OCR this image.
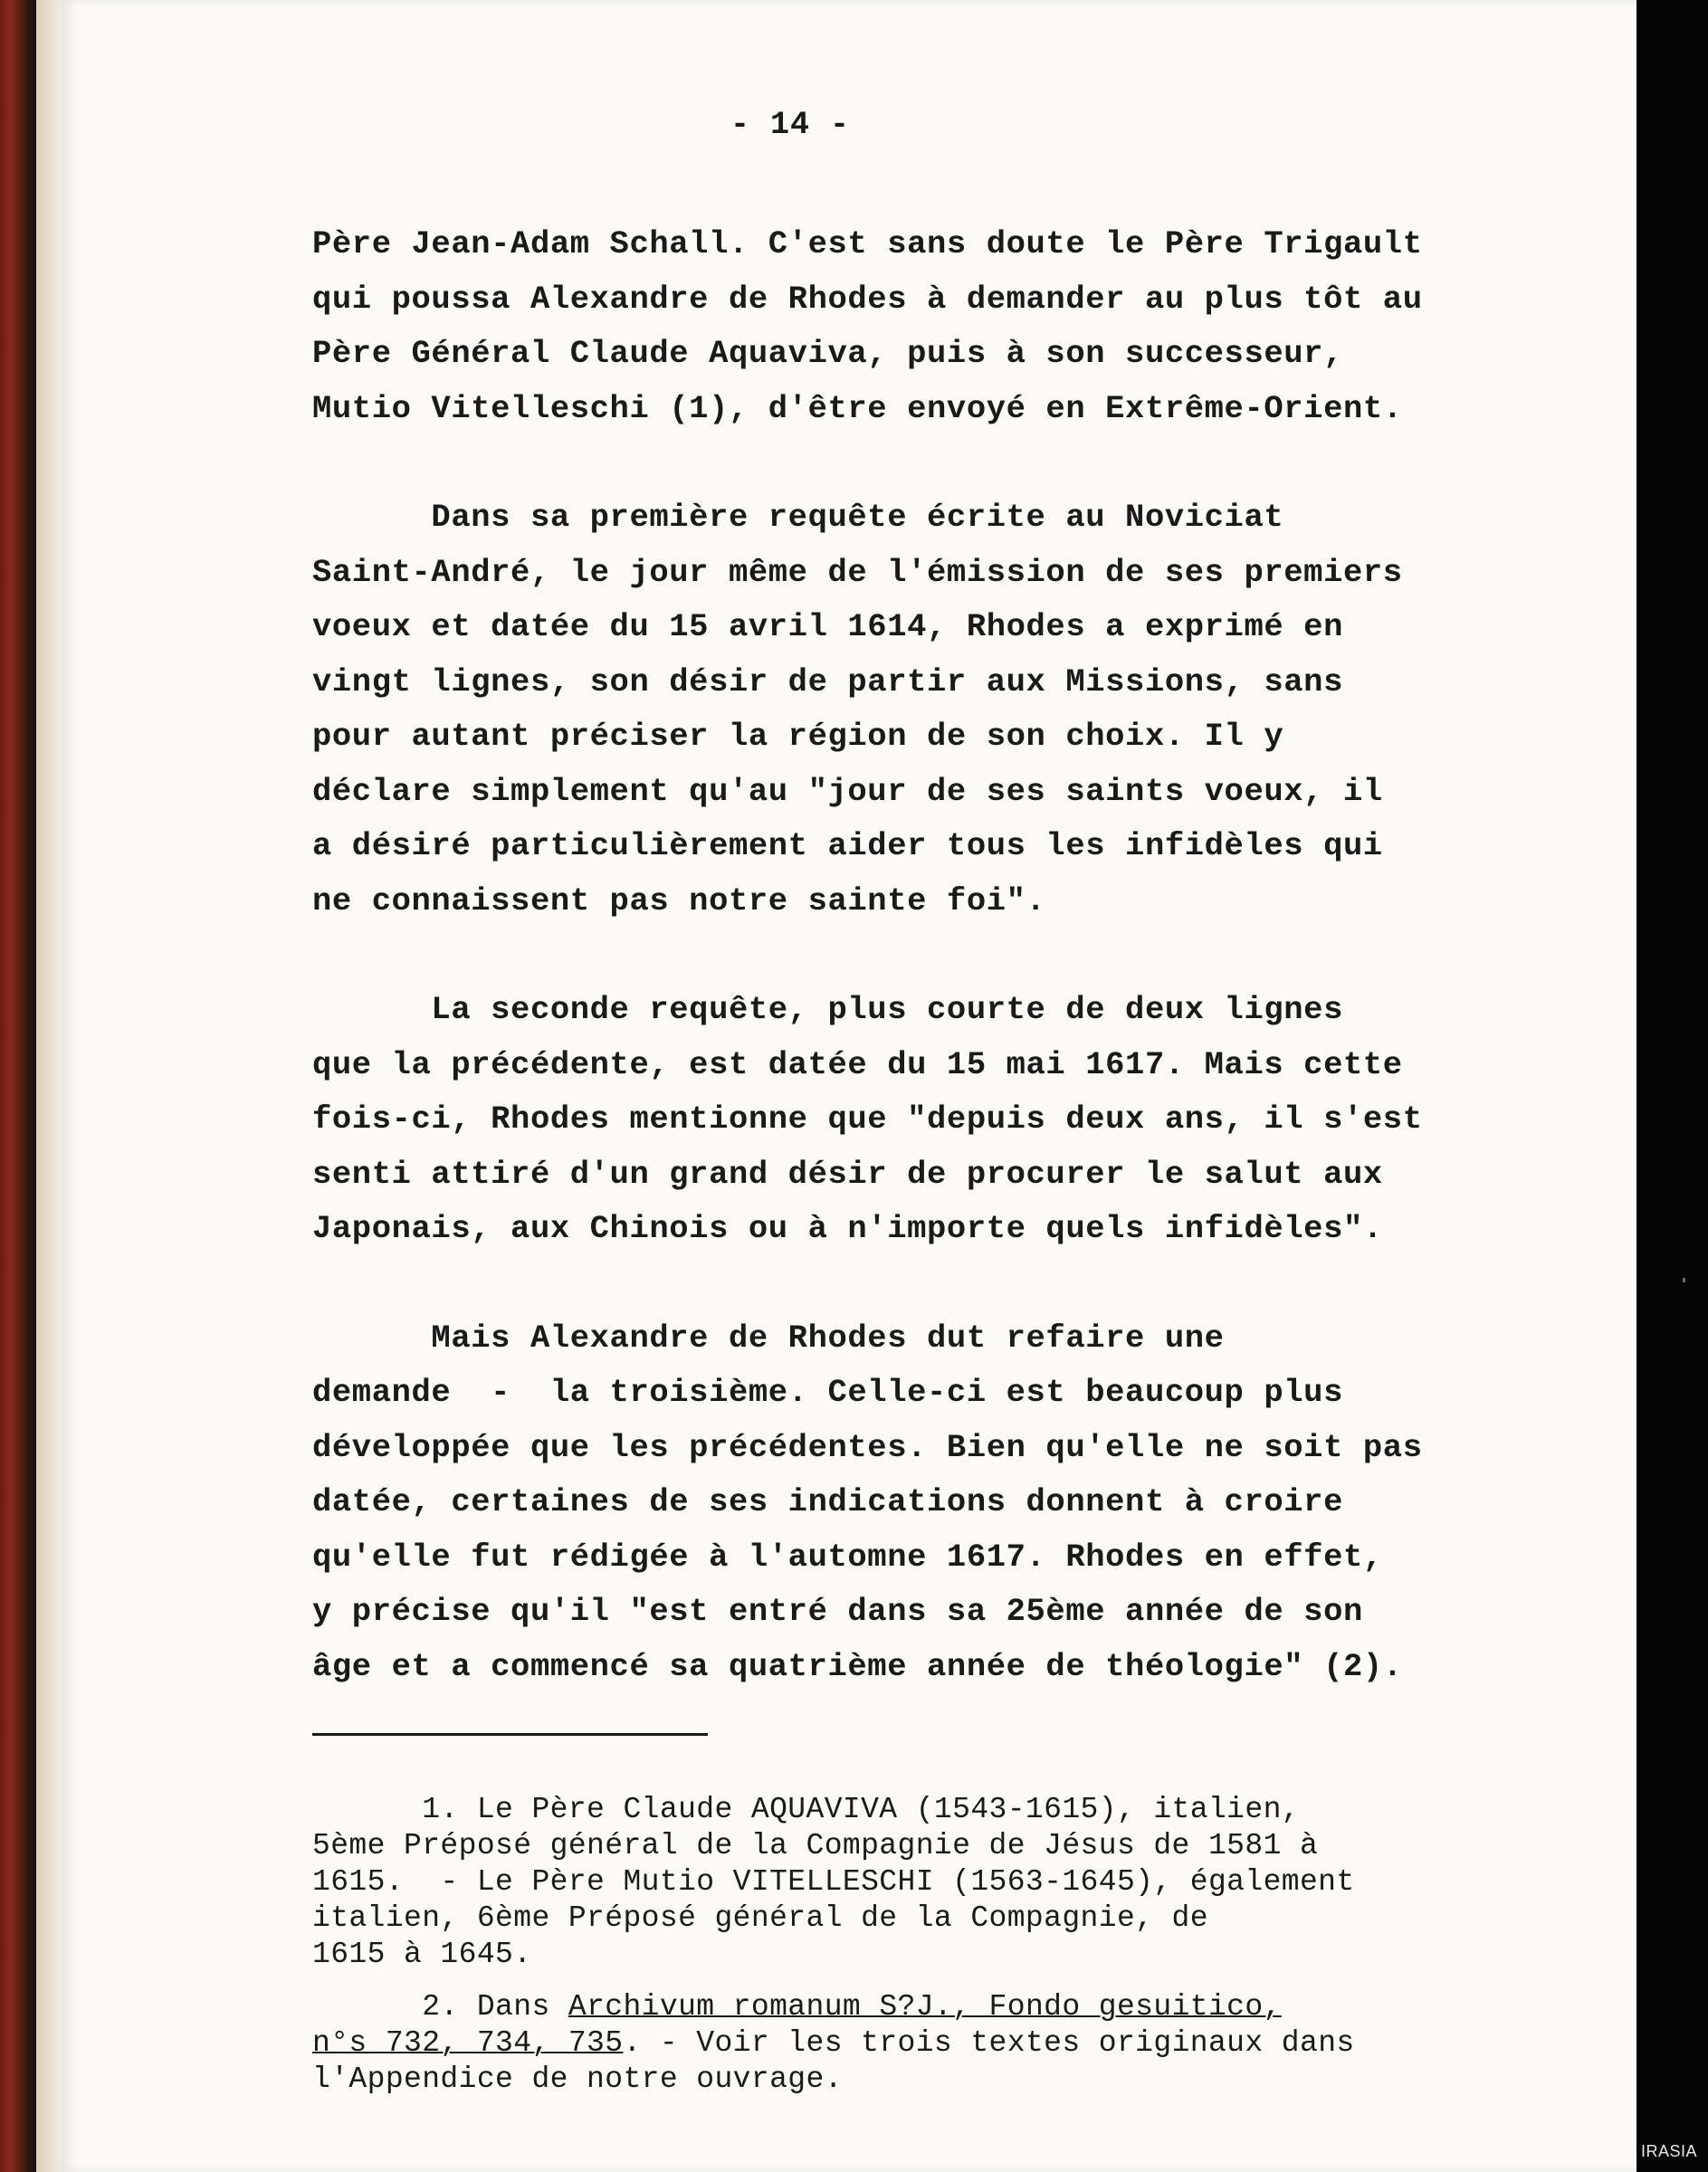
- 14 -
Père Jean-Adam Schall. C'est sans doute le Père Trigault
qui poussa Alexandre de Rhodes à demander au plus tôt au
Père Général Claude Aquaviva, puis à son successeur,
Mutio Vitelleschi (1), d'être envoyé en Extrême-Orient.
Dans sa première requête écrite au Noviciat
Saint-André, le jour même de l'émission de ses premiers
voeux et datée du 15 avril 1614, Rhodes a exprimé en
vingt lignes, son désir de partir aux Missions, sans
pour autant préciser la région de son choix. Il y
déclare simplement qu'au "jour de ses saints voeux, il
a désiré particulièrement aider tous les infidèles qui
ne connaissent pas notre sainte foi".
La seconde requête, plus courte de deux lignes
que la précédente, est datée du 15 mai 1617. Mais cette
fois-ci, Rhodes mentionne que "depuis deux ans, il s'est
senti attiré d'un grand désir de procurer le salut aux
Japonais, aux Chinois ou à n'importe quels infidèles".
Mais Alexandre de Rhodes dut refaire une
demande  -  la troisième. Celle-ci est beaucoup plus
développée que les précédentes. Bien qu'elle ne soit pas
datée, certaines de ses indications donnent à croire
qu'elle fut rédigée à l'automne 1617. Rhodes en effet,
y précise qu'il "est entré dans sa 25ème année de son
âge et a commencé sa quatrième année de théologie" (2).
1. Le Père Claude AQUAVIVA (1543-1615), italien,
5ème Préposé général de la Compagnie de Jésus de 1581 à
1615.  - Le Père Mutio VITELLESCHI (1563-1645), également
italien, 6ème Préposé général de la Compagnie, de
1615 à 1645.
2. Dans Archivum romanum S?J., Fondo gesuitico,
n°s 732, 734, 735. - Voir les trois textes originaux dans
l'Appendice de notre ouvrage.
IRASIA
